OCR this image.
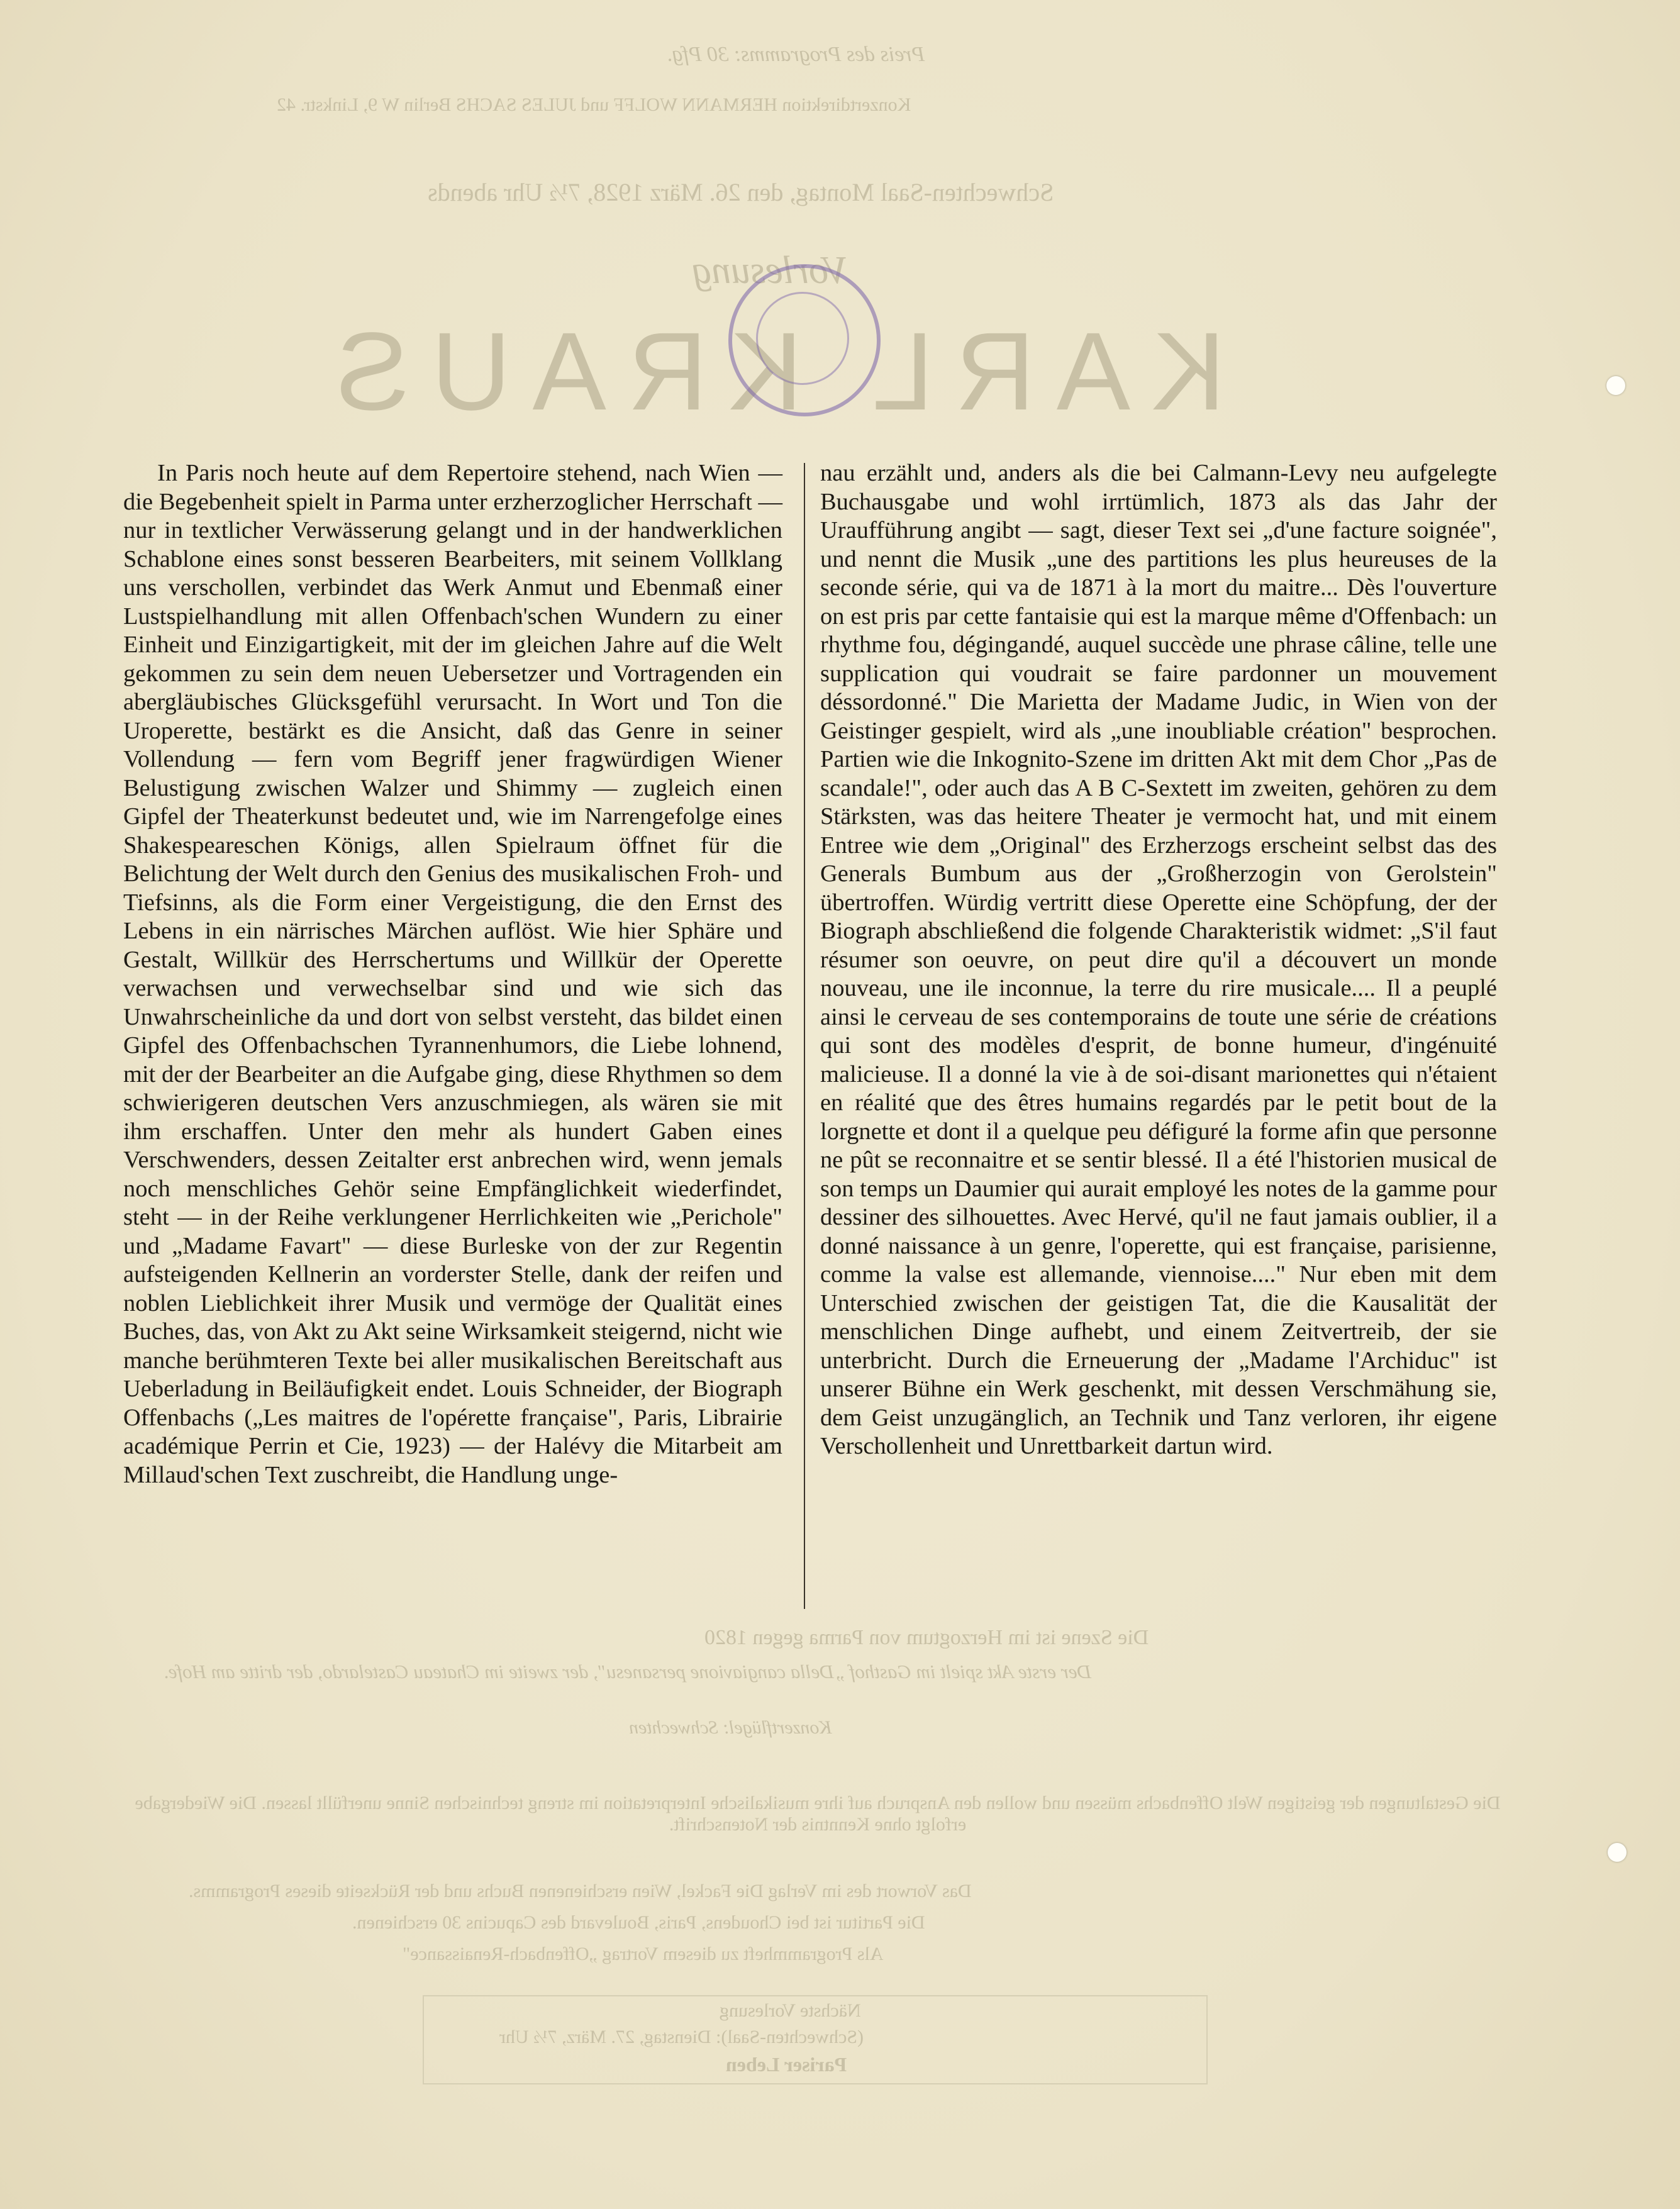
Preis des Programms: 30 Pfg.
Konzertdirektion HERMANN WOLFF und JULES SACHS Berlin W 9, Linkstr. 42
Schwechten-Saal Montag, den 26. März 1928, 7½ Uhr abends
Vorlesung
KARL KRAUS

In Paris noch heute auf dem Repertoire stehend, nach Wien — die Begebenheit spielt in Parma unter erzherzoglicher Herrschaft — nur in textlicher Verwässerung gelangt und in der handwerklichen Schablone eines sonst besseren Bearbeiters, mit seinem Vollklang uns verschollen, verbindet das Werk Anmut und Ebenmaß einer Lustspielhandlung mit allen Offenbach'schen Wundern zu einer Einheit und Einzigartigkeit, mit der im gleichen Jahre auf die Welt gekommen zu sein dem neuen Uebersetzer und Vortragenden ein abergläubisches Glücksgefühl verursacht. In Wort und Ton die Uroperette, bestärkt es die Ansicht, daß das Genre in seiner Vollendung — fern vom Begriff jener fragwürdigen Wiener Belustigung zwischen Walzer und Shimmy — zugleich einen Gipfel der Theaterkunst bedeutet und, wie im Narrengefolge eines Shakespeareschen Königs, allen Spielraum öffnet für die Belichtung der Welt durch den Genius des musikalischen Froh- und Tiefsinns, als die Form einer Vergeistigung, die den Ernst des Lebens in ein närrisches Märchen auflöst. Wie hier Sphäre und Gestalt, Willkür des Herrschertums und Willkür der Operette verwachsen und verwechselbar sind und wie sich das Unwahrscheinliche da und dort von selbst versteht, das bildet einen Gipfel des Offenbachschen Tyrannenhumors, die Liebe lohnend, mit der der Bearbeiter an die Aufgabe ging, diese Rhythmen so dem schwierigeren deutschen Vers anzuschmiegen, als wären sie mit ihm erschaffen. Unter den mehr als hundert Gaben eines Verschwenders, dessen Zeitalter erst anbrechen wird, wenn jemals noch menschliches Gehör seine Empfänglichkeit wiederfindet, steht — in der Reihe verklungener Herrlichkeiten wie „Perichole" und „Madame Favart" — diese Burleske von der zur Regentin aufsteigenden Kellnerin an vorderster Stelle, dank der reifen und noblen Lieblichkeit ihrer Musik und vermöge der Qualität eines Buches, das, von Akt zu Akt seine Wirksamkeit steigernd, nicht wie manche berühmteren Texte bei aller musikalischen Bereitschaft aus Ueberladung in Beiläufigkeit endet. Louis Schneider, der Biograph Offenbachs („Les maitres de l'opérette française", Paris, Librairie académique Perrin et Cie, 1923) — der Halévy die Mitarbeit am Millaud'schen Text zuschreibt, die Handlung unge-

nau erzählt und, anders als die bei Calmann-Levy neu aufgelegte Buchausgabe und wohl irrtümlich, 1873 als das Jahr der Uraufführung angibt — sagt, dieser Text sei „d'une facture soignée", und nennt die Musik „une des partitions les plus heureuses de la seconde série, qui va de 1871 à la mort du maitre... Dès l'ouverture on est pris par cette fantaisie qui est la marque même d'Offenbach: un rhythme fou, dégingandé, auquel succède une phrase câline, telle une supplication qui voudrait se faire pardonner un mouvement déssordonné." Die Marietta der Madame Judic, in Wien von der Geistinger gespielt, wird als „une inoubliable création" besprochen. Partien wie die Inkognito-Szene im dritten Akt mit dem Chor „Pas de scandale!", oder auch das A B C-Sextett im zweiten, gehören zu dem Stärksten, was das heitere Theater je vermocht hat, und mit einem Entree wie dem „Original" des Erzherzogs erscheint selbst das des Generals Bumbum aus der „Großherzogin von Gerolstein" übertroffen. Würdig vertritt diese Operette eine Schöpfung, der der Biograph abschließend die folgende Charakteristik widmet: „S'il faut résumer son oeuvre, on peut dire qu'il a découvert un monde nouveau, une ile inconnue, la terre du rire musicale.... Il a peuplé ainsi le cerveau de ses contemporains de toute une série de créations qui sont des modèles d'esprit, de bonne humeur, d'ingénuité malicieuse. Il a donné la vie à de soi-disant marionettes qui n'étaient en réalité que des êtres humains regardés par le petit bout de la lorgnette et dont il a quelque peu défiguré la forme afin que personne ne pût se reconnaitre et se sentir blessé. Il a été l'historien musical de son temps un Daumier qui aurait employé les notes de la gamme pour dessiner des silhouettes. Avec Hervé, qu'il ne faut jamais oublier, il a donné naissance à un genre, l'operette, qui est française, parisienne, comme la valse est allemande, viennoise...." Nur eben mit dem Unterschied zwischen der geistigen Tat, die die Kausalität der menschlichen Dinge aufhebt, und einem Zeitvertreib, der sie unterbricht. Durch die Erneuerung der „Madame l'Archiduc" ist unserer Bühne ein Werk geschenkt, mit dessen Verschmähung sie, dem Geist unzugänglich, an Technik und Tanz verloren, ihr eigene Verschollenheit und Unrettbarkeit dartun wird.

Die Szene ist im Herzogtum von Parma gegen 1820
Der erste Akt spielt im Gasthof „Della cangiavione persanesu", der zweite im Chateau Castelardo, der dritte am Hofe.
Konzertflügel: Schwechten
Die Gestaltungen der geistigen Welt Offenbachs müssen und wollen den Anspruch auf ihre musikalische Interpretation im streng technischen Sinne unerfüllt lassen. Die Wiedergabe erfolgt ohne Kenntnis der Notenschrift.
Das Vorwort des im Verlag Die Fackel, Wien erschienenen Buchs und der Rückseite dieses Programms.
Die Partitur ist bei Choudens, Paris, Boulevard des Capucins 30 erschienen.
Als Programmheft zu diesem Vortrag „Offenbach-Renaissance"
Nächste Vorlesung
(Schwechten-Saal): Dienstag, 27. März, 7½ Uhr
Pariser Leben
